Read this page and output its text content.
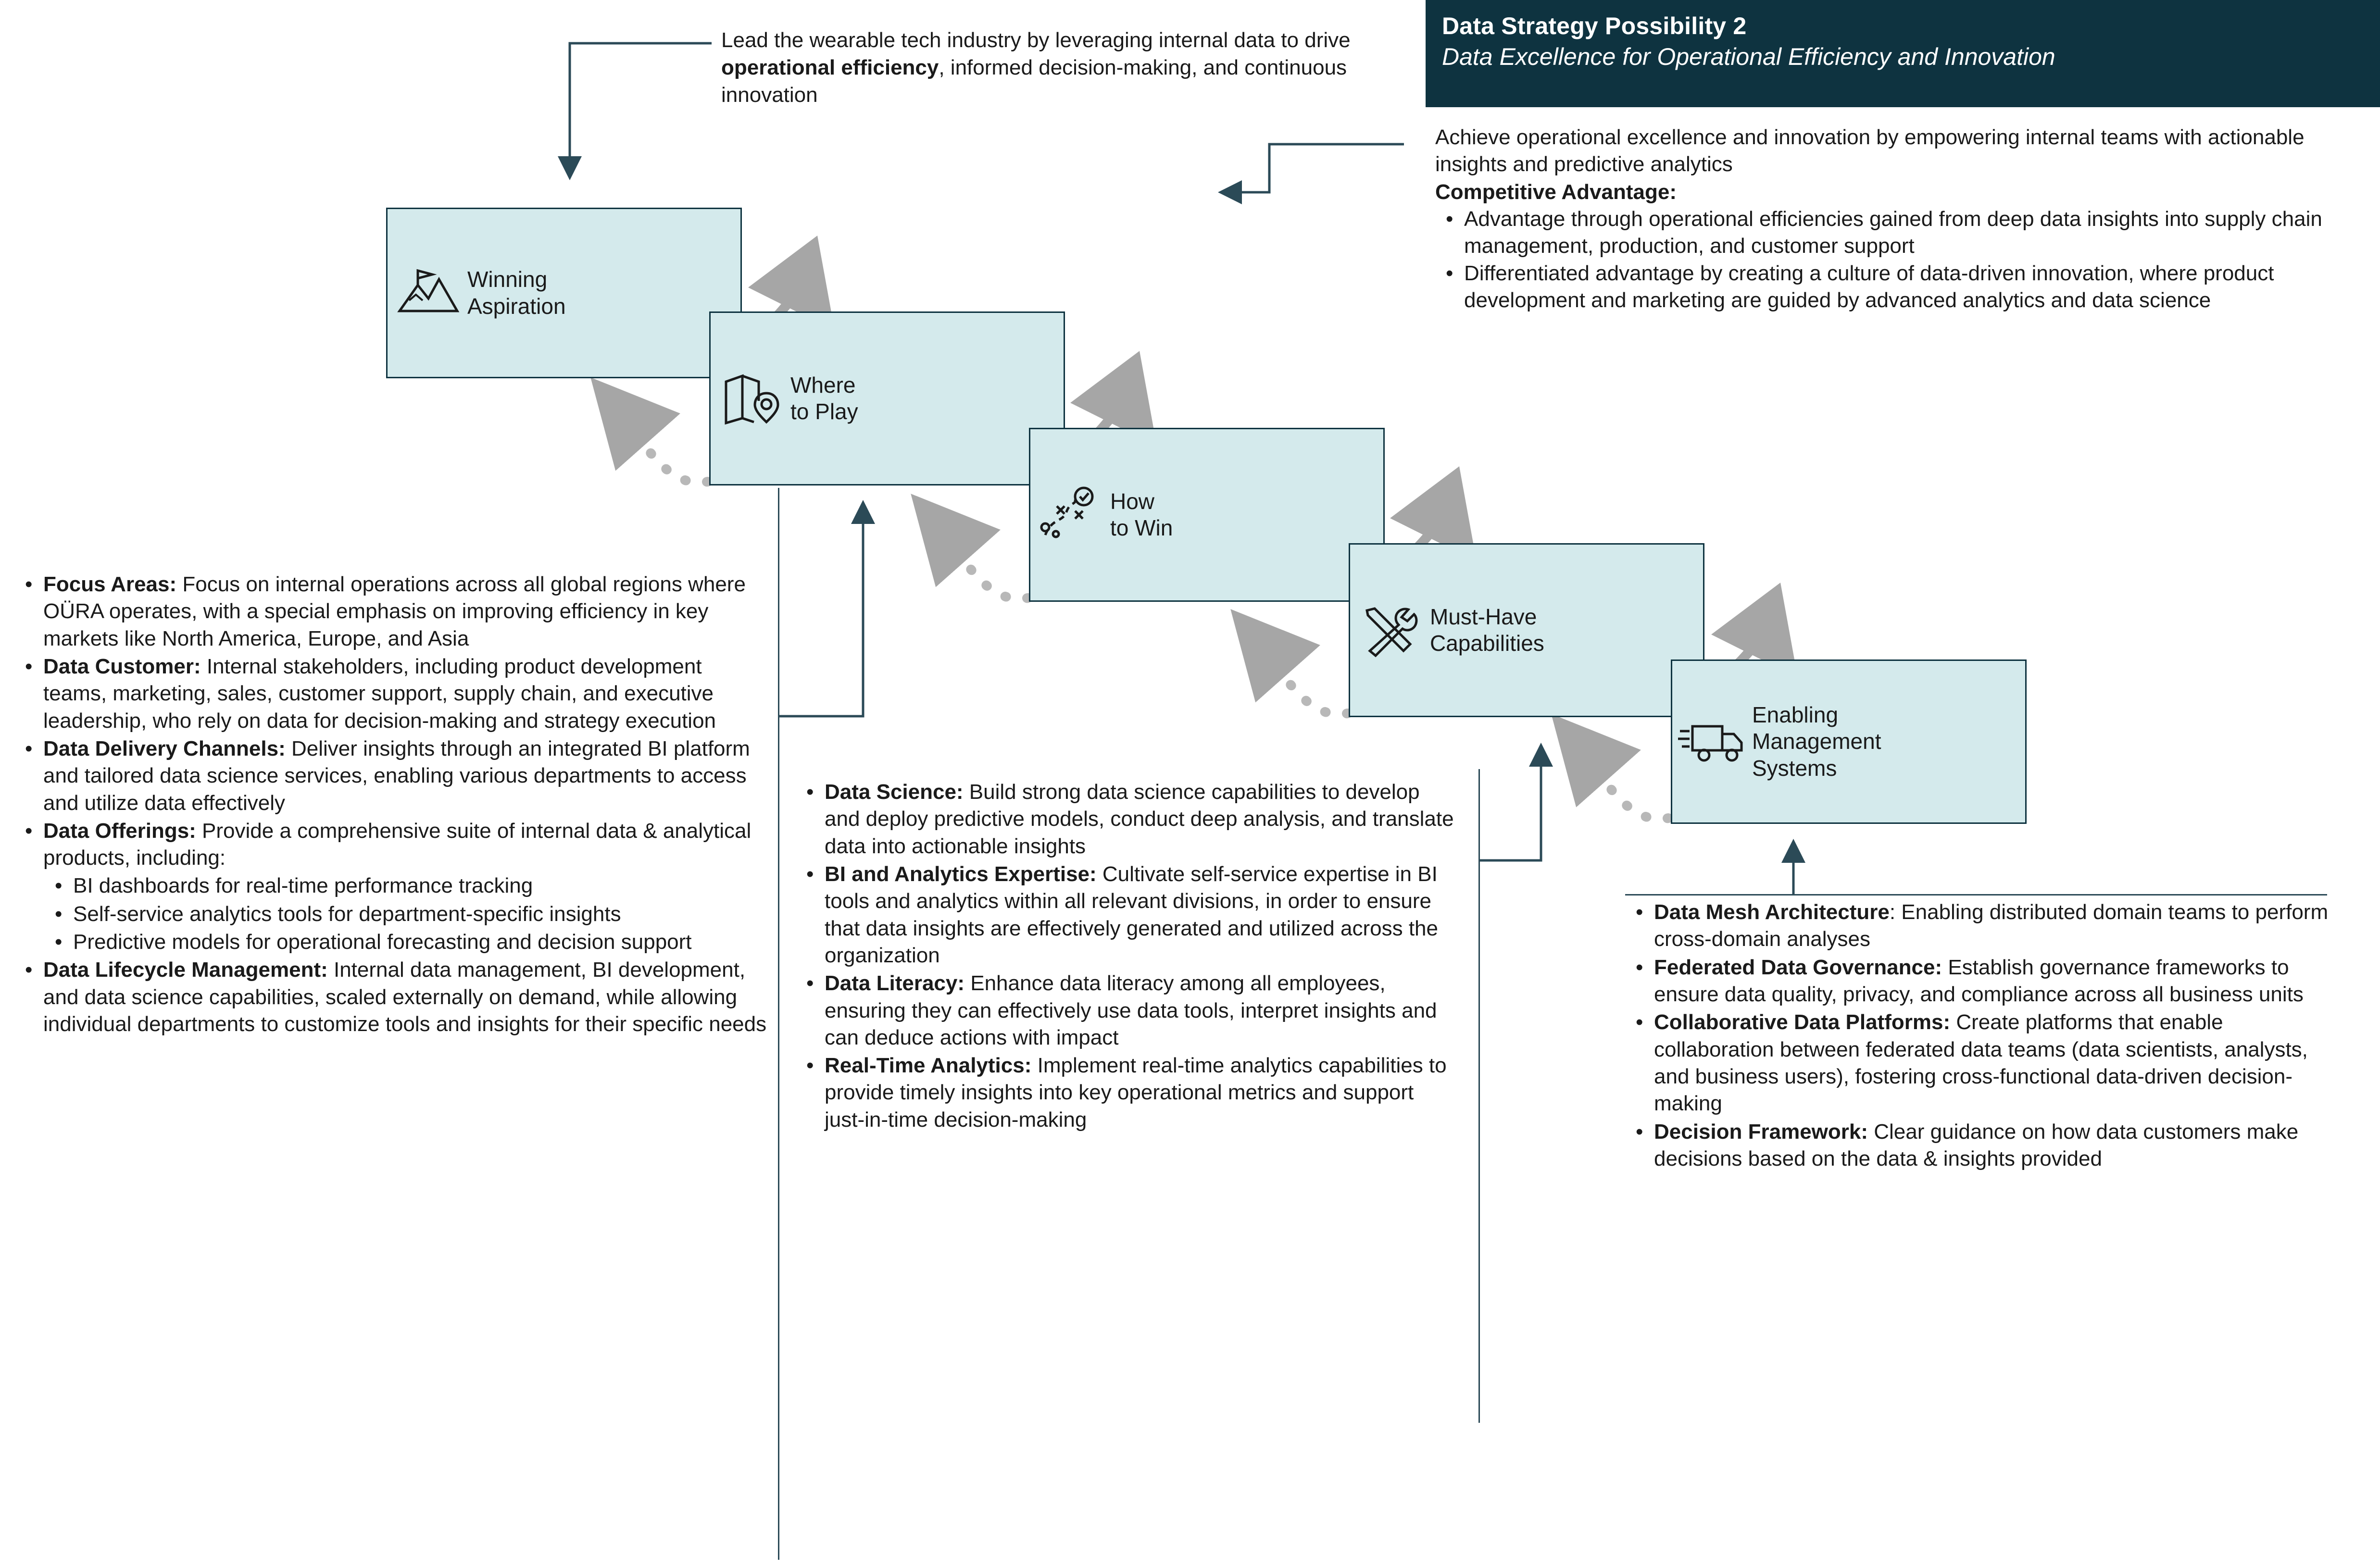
Data Strategy Possibility 2
Data Excellence for Operational Efficiency and Innovation
Lead the wearable tech industry by leveraging internal data to drive operational efficiency, informed decision-making, and continuous innovation
Achieve operational excellence and innovation by empowering internal teams with actionable insights and predictive analytics
Competitive Advantage:
• Advantage through operational efficiencies gained from deep data insights into supply chain management, production, and customer support
• Differentiated advantage by creating a culture of data-driven innovation, where product development and marketing are guided by advanced analytics and data science
Winning
Aspiration
Where
to Play
How
to Win
Must-Have
Capabilities
Enabling
Management
Systems
• Focus Areas: Focus on internal operations across all global regions where OÜRA operates, with a special emphasis on improving efficiency in key markets like North America, Europe, and Asia
• Data Customer: Internal stakeholders, including product development teams, marketing, sales, customer support, supply chain, and executive leadership, who rely on data for decision-making and strategy execution
• Data Delivery Channels: Deliver insights through an integrated BI platform and tailored data science services, enabling various departments to access and utilize data effectively
• Data Offerings: Provide a comprehensive suite of internal data & analytical products, including:
• BI dashboards for real-time performance tracking
• Self-service analytics tools for department-specific insights
• Predictive models for operational forecasting and decision support
• Data Lifecycle Management: Internal data management, BI development, and data science capabilities, scaled externally on demand, while allowing individual departments to customize tools and insights for their specific needs
• Data Science: Build strong data science capabilities to develop and deploy predictive models, conduct deep analysis, and translate data into actionable insights
• BI and Analytics Expertise: Cultivate self-service expertise in BI tools and analytics within all relevant divisions, in order to ensure that data insights are effectively generated and utilized across the organization
• Data Literacy: Enhance data literacy among all employees, ensuring they can effectively use data tools, interpret insights and can deduce actions with impact
• Real-Time Analytics: Implement real-time analytics capabilities to provide timely insights into key operational metrics and support just-in-time decision-making
• Data Mesh Architecture: Enabling distributed domain teams to perform cross-domain analyses
• Federated Data Governance: Establish governance frameworks to ensure data quality, privacy, and compliance across all business units
• Collaborative Data Platforms: Create platforms that enable collaboration between federated data teams (data scientists, analysts, and business users), fostering cross-functional data-driven decision-making
• Decision Framework: Clear guidance on how data customers make decisions based on the data & insights provided
